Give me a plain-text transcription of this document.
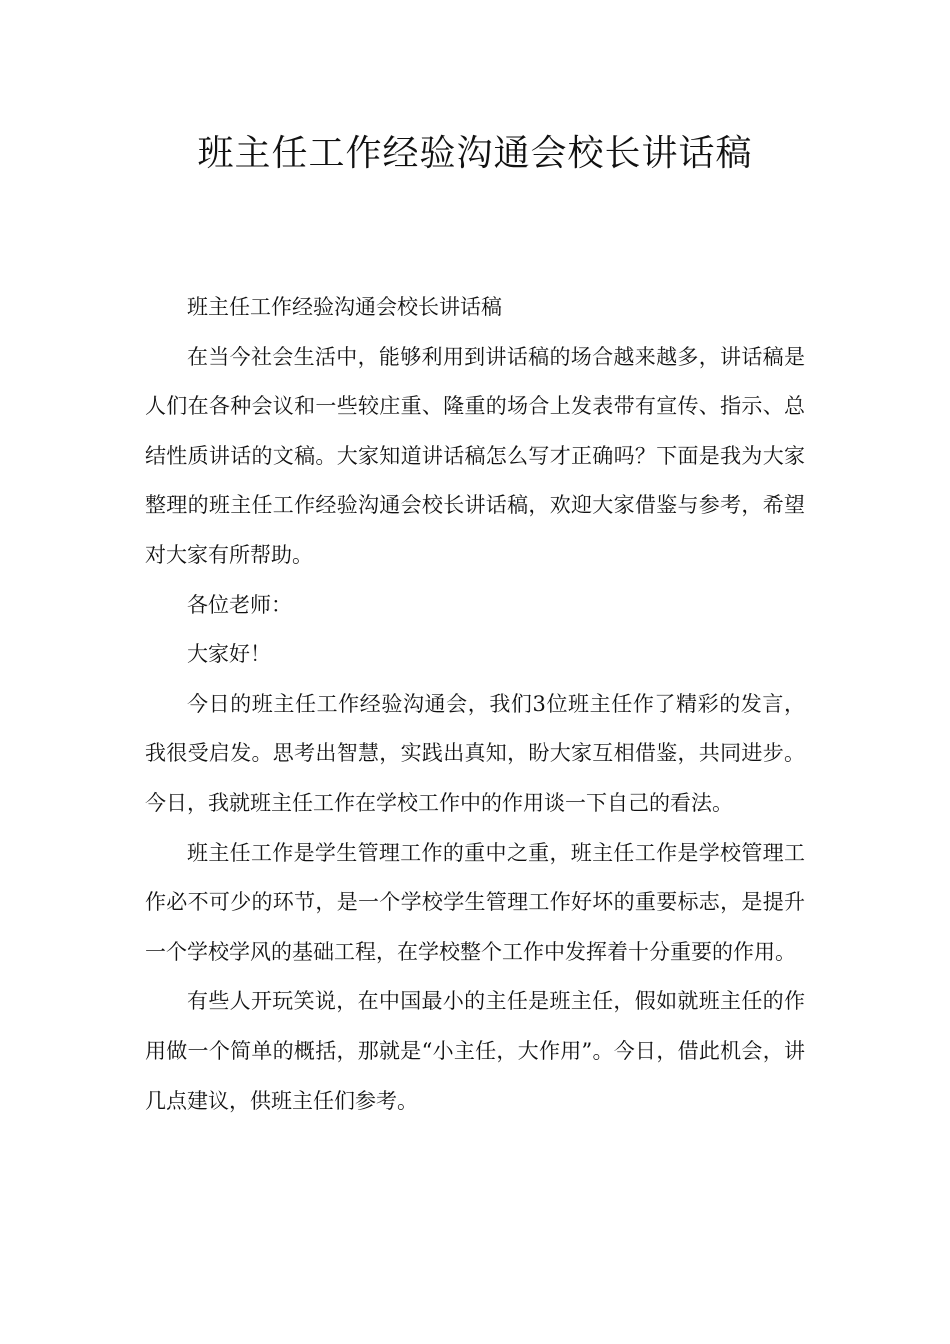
班主任工作经验沟通会校长讲话稿

班主任工作经验沟通会校长讲话稿

在当今社会生活中，能够利用到讲话稿的场合越来越多，讲话稿是人们在各种会议和一些较庄重、隆重的场合上发表带有宣传、指示、总结性质讲话的文稿。大家知道讲话稿怎么写才正确吗？下面是我为大家整理的班主任工作经验沟通会校长讲话稿，欢迎大家借鉴与参考，希望对大家有所帮助。

各位老师：

大家好！

今日的班主任工作经验沟通会，我们3位班主任作了精彩的发言，我很受启发。思考出智慧，实践出真知，盼大家互相借鉴，共同进步。今日，我就班主任工作在学校工作中的作用谈一下自己的看法。

班主任工作是学生管理工作的重中之重，班主任工作是学校管理工作必不可少的环节，是一个学校学生管理工作好坏的重要标志，是提升一个学校学风的基础工程，在学校整个工作中发挥着十分重要的作用。

有些人开玩笑说，在中国最小的主任是班主任，假如就班主任的作用做一个简单的概括，那就是“小主任，大作用”。今日，借此机会，讲几点建议，供班主任们参考。
